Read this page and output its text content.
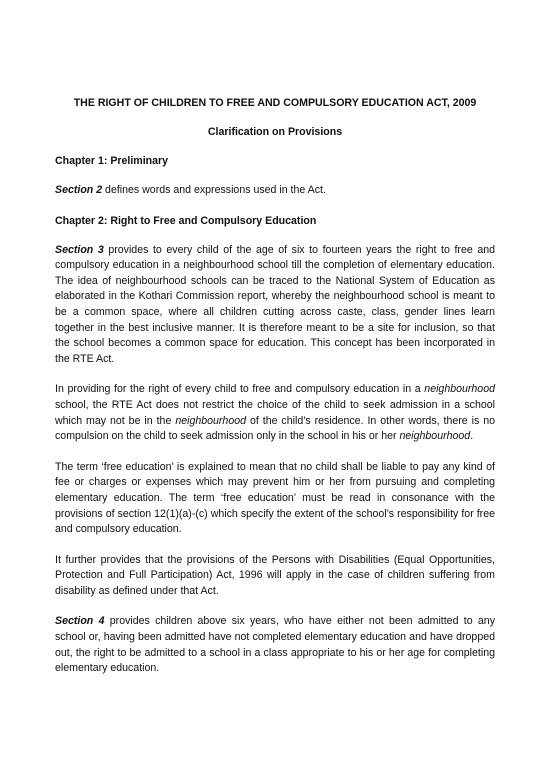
THE RIGHT OF CHILDREN TO FREE AND COMPULSORY EDUCATION ACT, 2009
Clarification on Provisions
Chapter 1: Preliminary

Section 2 defines words and expressions used in the Act.

Chapter 2: Right to Free and Compulsory Education

Section 3 provides to every child of the age of six to fourteen years the right to free and compulsory education in a neighbourhood school till the completion of elementary education. The idea of neighbourhood schools can be traced to the National System of Education as elaborated in the Kothari Commission report, whereby the neighbourhood school is meant to be a common space, where all children cutting across caste, class, gender lines learn together in the best inclusive manner. It is therefore meant to be a site for inclusion, so that the school becomes a common space for education. This concept has been incorporated in the RTE Act.

In providing for the right of every child to free and compulsory education in a neighbourhood school, the RTE Act does not restrict the choice of the child to seek admission in a school which may not be in the neighbourhood of the child’s residence. In other words, there is no compulsion on the child to seek admission only in the school in his or her neighbourhood.

The term ‘free education’ is explained to mean that no child shall be liable to pay any kind of fee or charges or expenses which may prevent him or her from pursuing and completing elementary education. The term ‘free education’ must be read in consonance with the provisions of section 12(1)(a)-(c) which specify the extent of the school’s responsibility for free and compulsory education.

It further provides that the provisions of the Persons with Disabilities (Equal Opportunities, Protection and Full Participation) Act, 1996 will apply in the case of children suffering from disability as defined under that Act.

Section 4 provides children above six years, who have either not been admitted to any school or, having been admitted have not completed elementary education and have dropped out, the right to be admitted to a school in a class appropriate to his or her age for completing elementary education.
